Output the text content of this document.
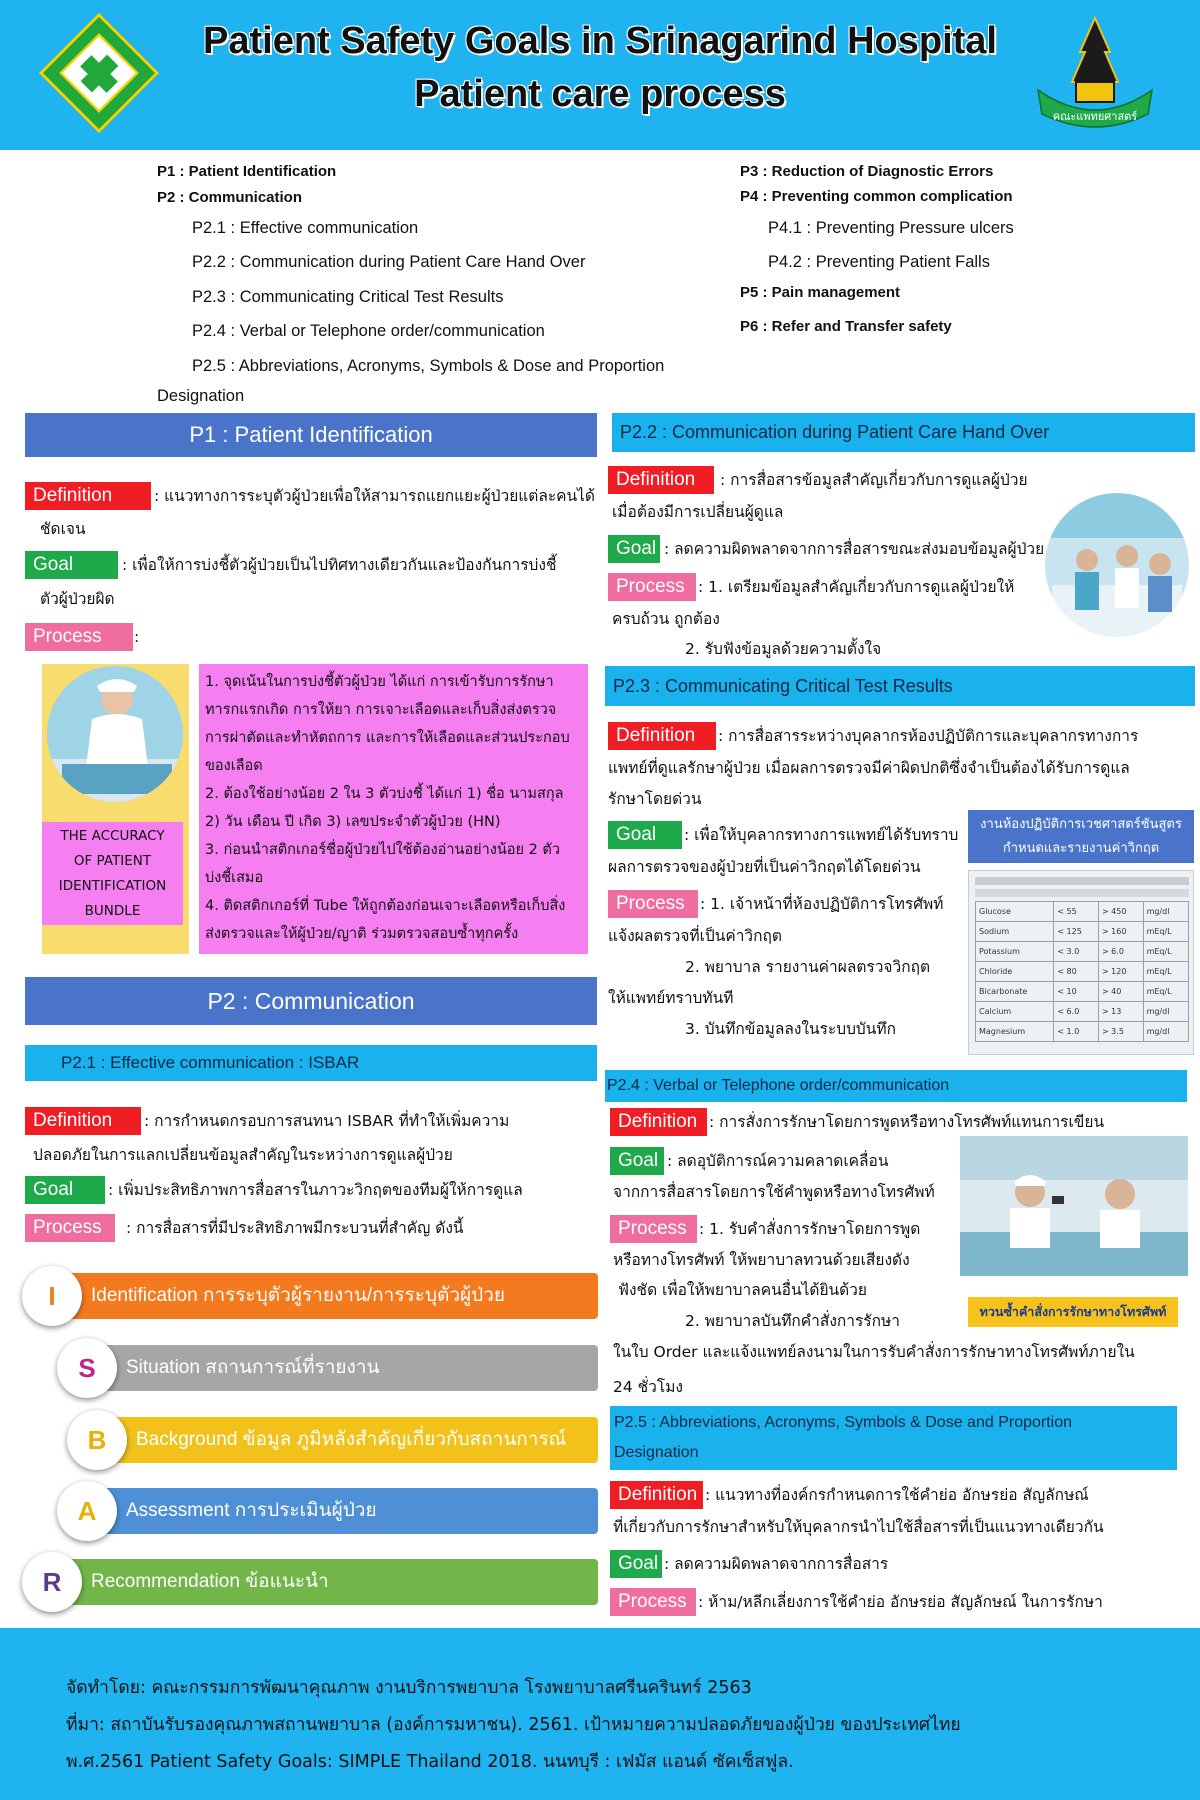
Patient Safety Goals in Srinagarind Hospital
Patient care process
คณะแพทยศาสตร์
P1 : Patient Identification
P2 : Communication
P2.1 : Effective communication
P2.2 : Communication during Patient Care Hand Over
P2.3 : Communicating Critical Test Results
P2.4 : Verbal or Telephone order/communication
P2.5 : Abbreviations, Acronyms, Symbols & Dose and Proportion
Designation
P3 : Reduction of Diagnostic Errors
P4 : Preventing common complication
P4.1 : Preventing Pressure ulcers
P4.2 : Preventing Patient Falls
P5 : Pain management
P6 : Refer and Transfer safety
P1 : Patient Identification
Definition	: แนวทางการระบุตัวผู้ป่วยเพื่อให้สามารถแยกแยะผู้ป่วยแต่ละคนได้
ชัดเจน
Goal	: เพื่อให้การบ่งชี้ตัวผู้ป่วยเป็นไปทิศทางเดียวกันและป้องกันการบ่งชี้
ตัวผู้ป่วยผิด
Process	:
THE ACCURACY
OF PATIENT
IDENTIFICATION
BUNDLE
1. จุดเน้นในการบ่งชี้ตัวผู้ป่วย ได้แก่ การเข้ารับการรักษา
ทารกแรกเกิด การให้ยา การเจาะเลือดและเก็บสิ่งส่งตรวจ
การผ่าตัดและทำหัตถการ และการให้เลือดและส่วนประกอบ
ของเลือด
2. ต้องใช้อย่างน้อย 2 ใน 3 ตัวบ่งชี้ ได้แก่ 1) ชื่อ นามสกุล
2) วัน เดือน ปี เกิด 3) เลขประจำตัวผู้ป่วย (HN)
3. ก่อนนำสติกเกอร์ชื่อผู้ป่วยไปใช้ต้องอ่านอย่างน้อย 2 ตัว
บ่งชี้เสมอ
4. ติดสติกเกอร์ที่ Tube ให้ถูกต้องก่อนเจาะเลือดหรือเก็บสิ่ง
ส่งตรวจและให้ผู้ป่วย/ญาติ ร่วมตรวจสอบซ้ำทุกครั้ง
P2 : Communication
P2.1 : Effective communication : ISBAR
Definition	: การกำหนดกรอบการสนทนา ISBAR ที่ทำให้เพิ่มความ
ปลอดภัยในการแลกเปลี่ยนข้อมูลสำคัญในระหว่างการดูแลผู้ป่วย
Goal	: เพิ่มประสิทธิภาพการสื่อสารในภาวะวิกฤตของทีมผู้ให้การดูแล
Process	: การสื่อสารที่มีประสิทธิภาพมีกระบวนที่สำคัญ ดังนี้
Identification การระบุตัวผู้รายงาน/การระบุตัวผู้ป่วย
I
Situation สถานการณ์ที่รายงาน
S
Background ข้อมูล ภูมิหลังสำคัญเกี่ยวกับสถานการณ์
B
Assessment การประเมินผู้ป่วย
A
Recommendation ข้อแนะนำ
R
P2.2 : Communication during Patient Care Hand Over
Definition	: การสื่อสารข้อมูลสำคัญเกี่ยวกับการดูแลผู้ป่วย
เมื่อต้องมีการเปลี่ยนผู้ดูแล
Goal : ลดความผิดพลาดจากการสื่อสารขณะส่งมอบข้อมูลผู้ป่วย
Process : 1. เตรียมข้อมูลสำคัญเกี่ยวกับการดูแลผู้ป่วยให้
ครบถ้วน ถูกต้อง
2. รับฟังข้อมูลด้วยความตั้งใจ
P2.3 : Communicating Critical Test Results
Definition	: การสื่อสารระหว่างบุคลากรห้องปฏิบัติการและบุคลากรทางการ
แพทย์ที่ดูแลรักษาผู้ป่วย เมื่อผลการตรวจมีค่าผิดปกติซึ่งจำเป็นต้องได้รับการดูแล
รักษาโดยด่วน
Goal	: เพื่อให้บุคลากรทางการแพทย์ได้รับทราบ
ผลการตรวจของผู้ป่วยที่เป็นค่าวิกฤตได้โดยด่วน
Process : 1. เจ้าหน้าที่ห้องปฏิบัติการโทรศัพท์
แจ้งผลตรวจที่เป็นค่าวิกฤต
2. พยาบาล รายงานค่าผลตรวจวิกฤต
ให้แพทย์ทราบทันที
3. บันทึกข้อมูลลงในระบบบันทึก
งานห้องปฏิบัติการเวชศาสตร์ชันสูตร
กำหนดและรายงานค่าวิกฤต
Glucose	< 55	> 450	mg/dl
Sodium	< 125	> 160	mEq/L
Potassium	< 3.0	> 6.0	mEq/L
Chloride	< 80	> 120	mEq/L
Bicarbonate	< 10	> 40	mEq/L
Calcium	< 6.0	> 13	mg/dl
Magnesium	< 1.0	> 3.5	mg/dl
P2.4 : Verbal or Telephone order/communication
Definition : การสั่งการรักษาโดยการพูดหรือทางโทรศัพท์แทนการเขียน
Goal : ลดอุบัติการณ์ความคลาดเคลื่อน
จากการสื่อสารโดยการใช้คำพูดหรือทางโทรศัพท์
Process : 1. รับคำสั่งการรักษาโดยการพูด
หรือทางโทรศัพท์ ให้พยาบาลทวนด้วยเสียงดัง
ฟังชัด เพื่อให้พยาบาลคนอื่นได้ยินด้วย
2. พยาบาลบันทึกคำสั่งการรักษา
ในใบ Order และแจ้งแพทย์ลงนามในการรับคำสั่งการรักษาทางโทรศัพท์ภายใน
24 ชั่วโมง
ทวนซ้ำคำสั่งการรักษาทางโทรศัพท์
P2.5 : Abbreviations, Acronyms, Symbols & Dose and Proportion
Designation
Definition : แนวทางที่องค์กรกำหนดการใช้คำย่อ อักษรย่อ สัญลักษณ์
ที่เกี่ยวกับการรักษาสำหรับให้บุคลากรนำไปใช้สื่อสารที่เป็นแนวทางเดียวกัน
Goal : ลดความผิดพลาดจากการสื่อสาร
Process : ห้าม/หลีกเลี่ยงการใช้คำย่อ อักษรย่อ สัญลักษณ์ ในการรักษา
จัดทำโดย: คณะกรรมการพัฒนาคุณภาพ งานบริการพยาบาล โรงพยาบาลศรีนครินทร์ 2563
ที่มา: สถาบันรับรองคุณภาพสถานพยาบาล (องค์การมหาชน). 2561. เป้าหมายความปลอดภัยของผู้ป่วย ของประเทศไทย
พ.ศ.2561 Patient Safety Goals: SIMPLE Thailand 2018. นนทบุรี : เฟมัส แอนด์ ซัคเซ็สฟูล.
